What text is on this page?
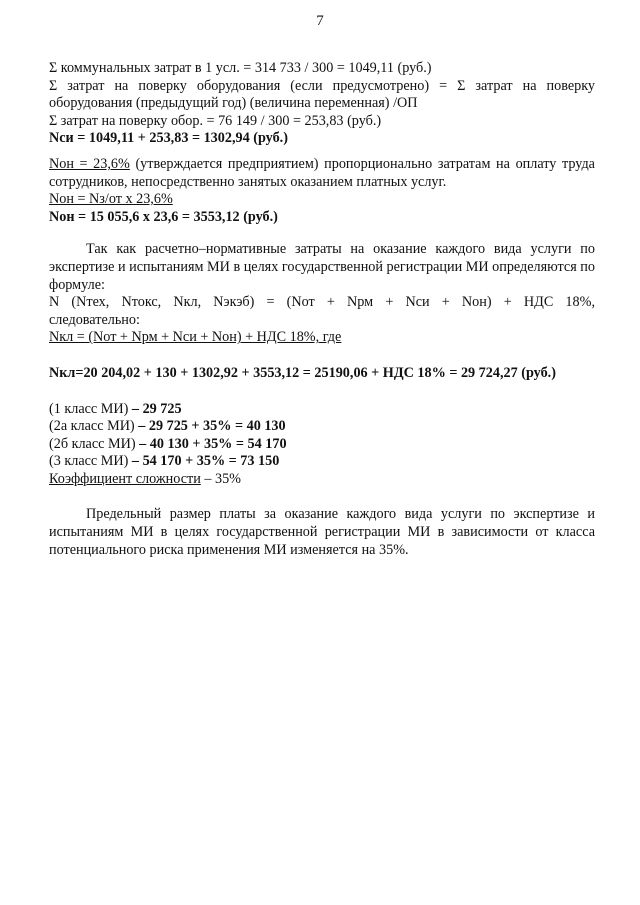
7

Σ коммунальных затрат в 1 усл. = 314 733 / 300 = 1049,11 (руб.)

Σ затрат на поверку оборудования (если предусмотрено) = Σ затрат на поверку оборудования (предыдущий год) (величина переменная) /ОП

Σ затрат на поверку обор. = 76 149 / 300 = 253,83 (руб.)

Nси = 1049,11 + 253,83 = 1302,94 (руб.)

Nон = 23,6% (утверждается предприятием) пропорционально затратам на оплату труда сотрудников, непосредственно занятых оказанием платных услуг.

Nон = Nз/от х 23,6%

Nон = 15 055,6 х 23,6 = 3553,12 (руб.)

Так как расчетно–нормативные затраты на оказание каждого вида услуги по экспертизе и испытаниям МИ в целях государственной регистрации МИ определяются по формуле:

N (Nтех, Nтокс, Nкл, Nэкэб) = (Nот + Nрм + Nси + Nон) + НДС 18%,

следовательно:

Nкл = (Nот + Nрм + Nси + Nон) + НДС 18%, где

Nкл=20 204,02 + 130 + 1302,92 + 3553,12 = 25190,06 + НДС 18% = 29 724,27 (руб.)

(1 класс МИ) – 29 725

(2а класс МИ) – 29 725 + 35% = 40 130

(2б класс МИ) – 40 130 + 35% = 54 170

(3 класс МИ) – 54 170 + 35% = 73 150

Коэффициент сложности – 35%

Предельный размер платы за оказание каждого вида услуги по экспертизе и испытаниям МИ в целях государственной регистрации МИ в зависимости от класса потенциального риска применения МИ изменяется на 35%.
